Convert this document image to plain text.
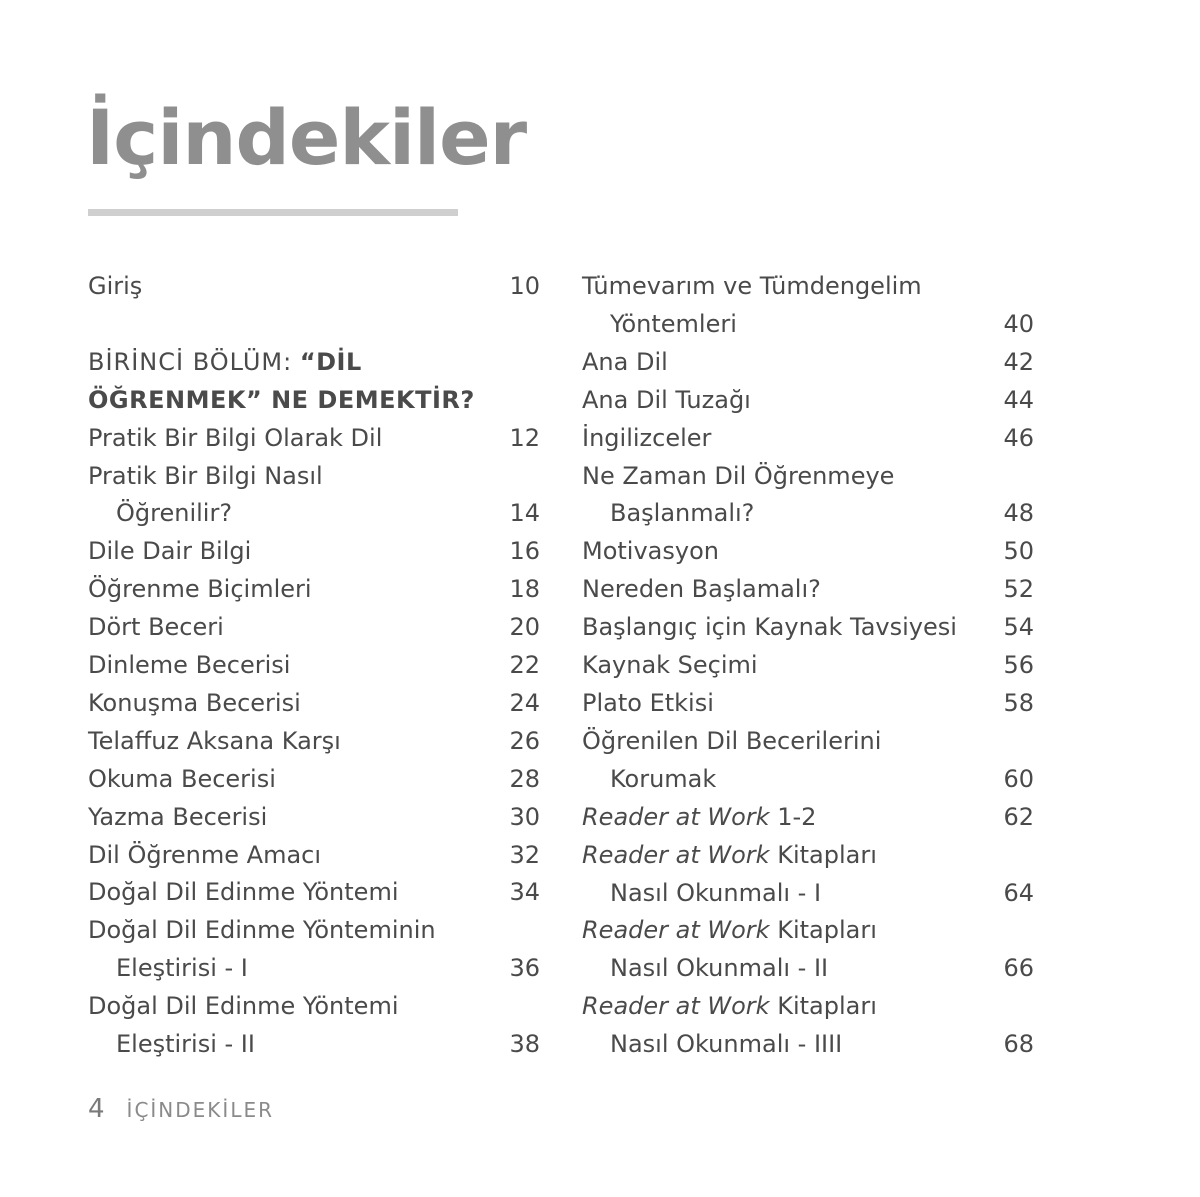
İçindekiler
Giriş	10
BİRİNCİ BÖLÜM: “DİL
ÖĞRENMEK” NE DEMEKTİR?
Pratik Bir Bilgi Olarak Dil	12
Pratik Bir Bilgi Nasıl
Öğrenilir?	14
Dile Dair Bilgi	16
Öğrenme Biçimleri	18
Dört Beceri	20
Dinleme Becerisi	22
Konuşma Becerisi	24
Telaffuz Aksana Karşı	26
Okuma Becerisi	28
Yazma Becerisi	30
Dil Öğrenme Amacı	32
Doğal Dil Edinme Yöntemi	34
Doğal Dil Edinme Yönteminin
Eleştirisi - I	36
Doğal Dil Edinme Yöntemi
Eleştirisi - II	38
Tümevarım ve Tümdengelim
Yöntemleri	40
Ana Dil	42
Ana Dil Tuzağı	44
İngilizceler	46
Ne Zaman Dil Öğrenmeye
Başlanmalı?	48
Motivasyon	50
Nereden Başlamalı?	52
Başlangıç için Kaynak Tavsiyesi	54
Kaynak Seçimi	56
Plato Etkisi	58
Öğrenilen Dil Becerilerini
Korumak	60
Reader at Work 1-2	62
Reader at Work Kitapları
Nasıl Okunmalı - I	64
Reader at Work Kitapları
Nasıl Okunmalı - II	66
Reader at Work Kitapları
Nasıl Okunmalı - IIII	68
4 İÇİNDEKİLER
